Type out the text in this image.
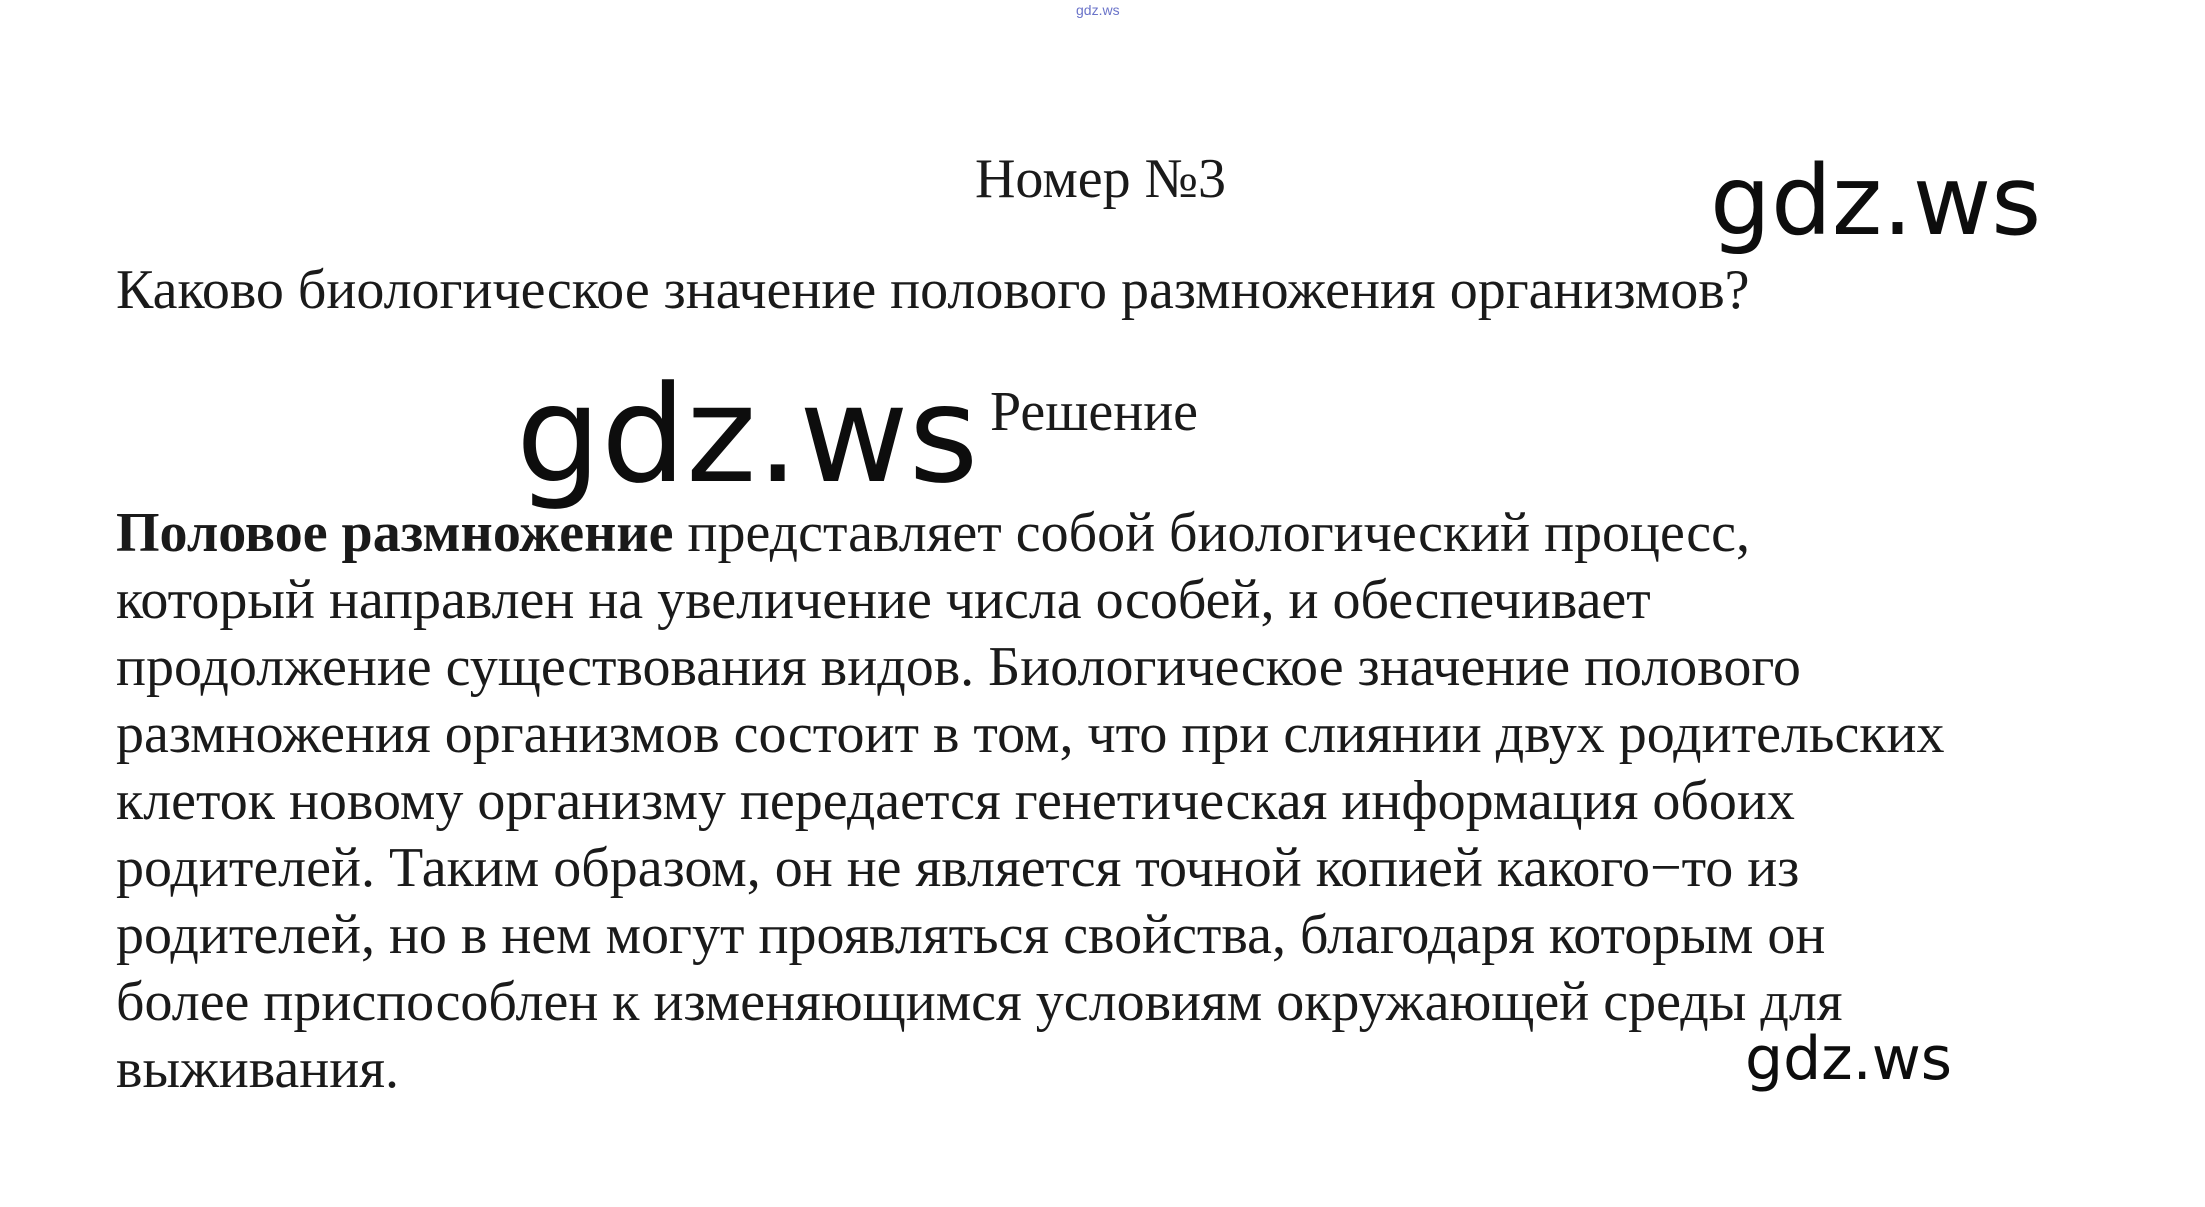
gdz.ws
Номер №3
Каково биологическое значение полового размножения организмов?
Решение
Половое размножение представляет собой биологический процесс,
который направлен на увеличение числа особей, и обеспечивает
продолжение существования видов. Биологическое значение полового
размножения организмов состоит в том, что при слиянии двух родительских
клеток новому организму передается генетическая информация обоих
родителей. Таким образом, он не является точной копией какого−то из
родителей, но в нем могут проявляться свойства, благодаря которым он
более приспособлен к изменяющимся условиям окружающей среды для
выживания.
gdz.ws
gdz.ws
gdz.ws
